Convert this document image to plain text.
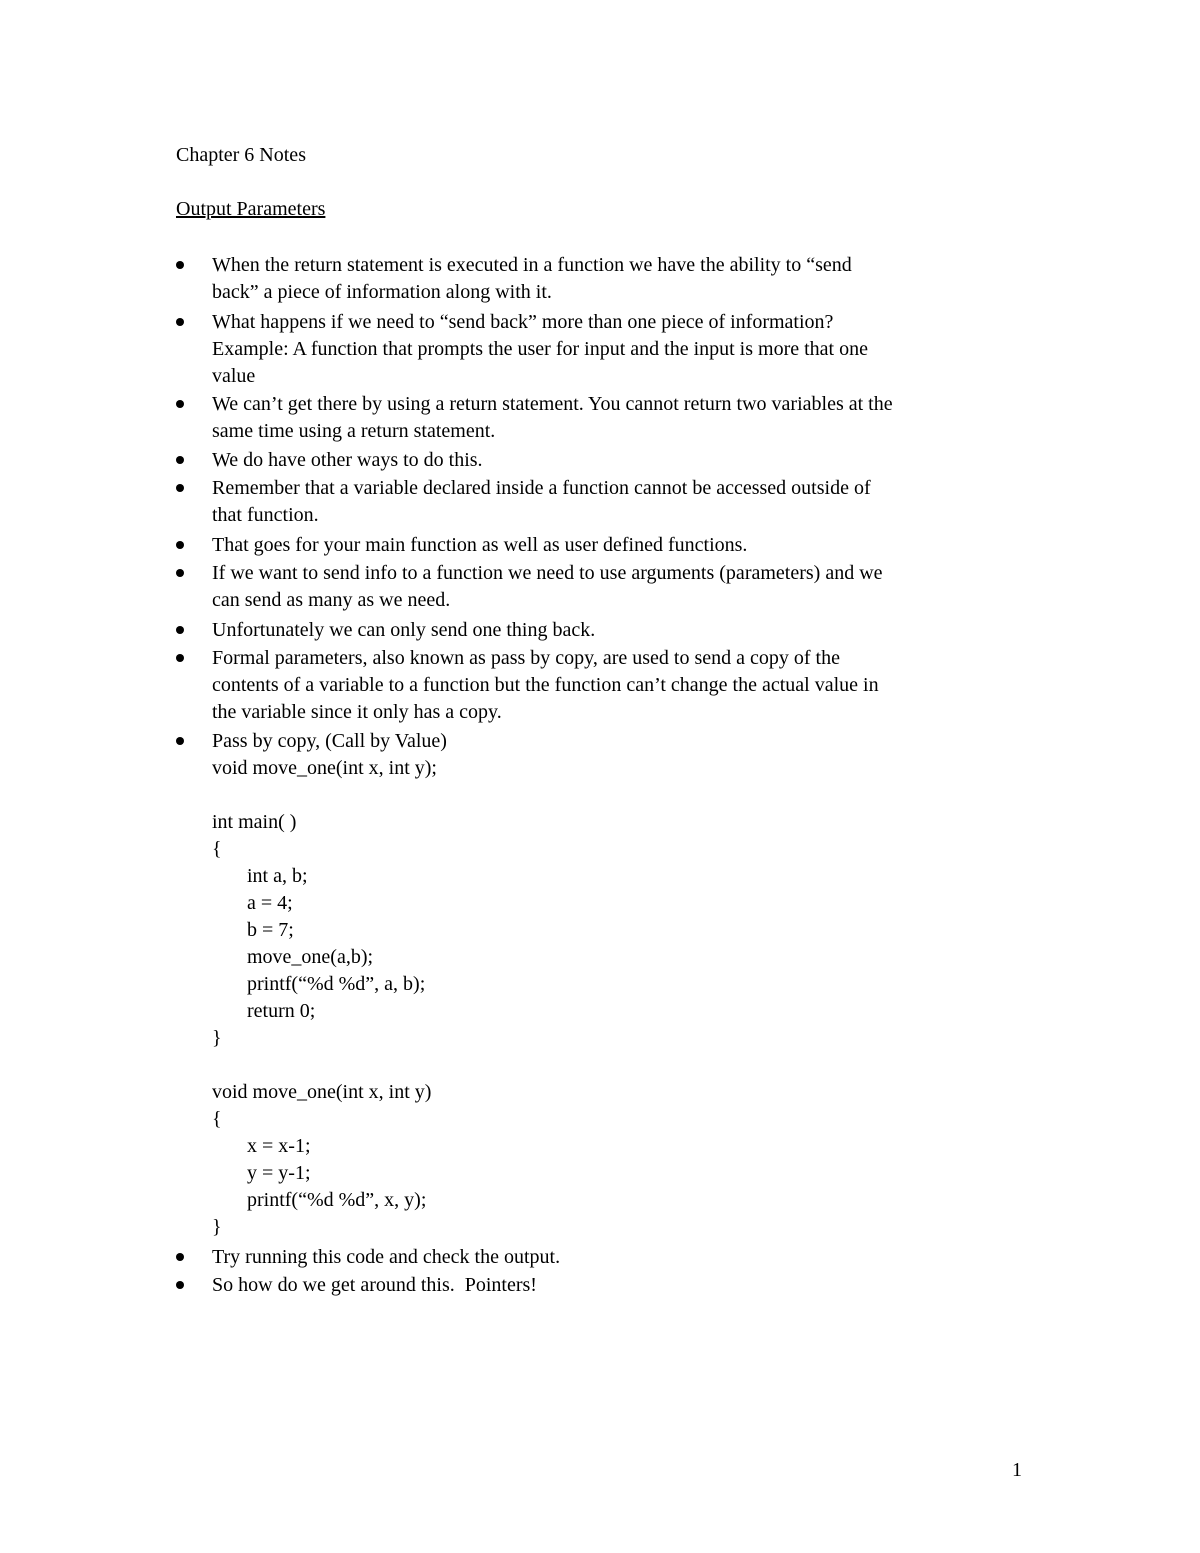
Chapter 6 Notes
Output Parameters
When the return statement is executed in a function we have the ability to “send
back” a piece of information along with it.
What happens if we need to “send back” more than one piece of information?
Example: A function that prompts the user for input and the input is more that one
value
We can’t get there by using a return statement. You cannot return two variables at the
same time using a return statement.
We do have other ways to do this.
Remember that a variable declared inside a function cannot be accessed outside of
that function.
That goes for your main function as well as user defined functions.
If we want to send info to a function we need to use arguments (parameters) and we
can send as many as we need.
Unfortunately we can only send one thing back.
Formal parameters, also known as pass by copy, are used to send a copy of the
contents of a variable to a function but the function can’t change the actual value in
the variable since it only has a copy.
Pass by copy, (Call by Value)
void move_one(int x, int y);
int main( )
{
int a, b;
a = 4;
b = 7;
move_one(a,b);
printf(“%d %d”, a, b);
return 0;
}
void move_one(int x, int y)
{
x = x-1;
y = y-1;
printf(“%d %d”, x, y);
}
Try running this code and check the output.
So how do we get around this.  Pointers!
1
